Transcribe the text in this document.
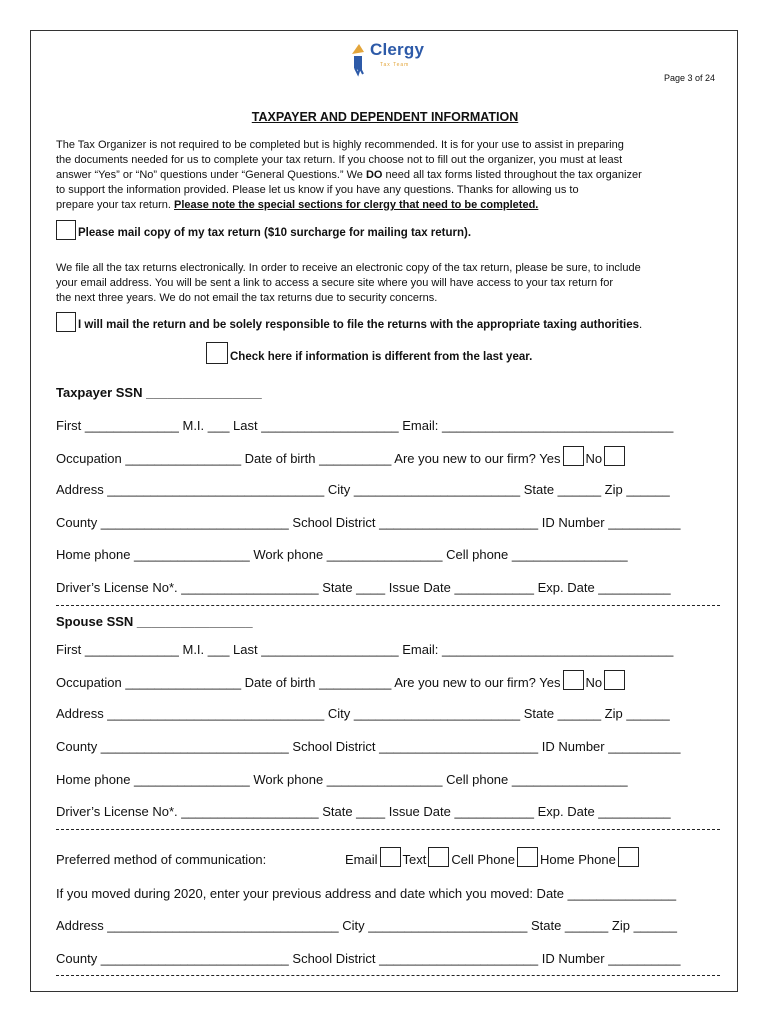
Clergy
Tax Team
Page 3 of 24
TAXPAYER AND DEPENDENT INFORMATION
The Tax Organizer is not required to be completed but is highly recommended. It is for your use to assist in preparing
the documents needed for us to complete your tax return. If you choose not to fill out the organizer, you must at least
answer “Yes” or “No” questions under “General Questions.” We DO need all tax forms listed throughout the tax organizer
to support the information provided. Please let us know if you have any questions. Thanks for allowing us to
prepare your tax return. Please note the special sections for clergy that need to be completed.
Please mail copy of my tax return ($10 surcharge for mailing tax return).
We file all the tax returns electronically. In order to receive an electronic copy of the tax return, please be sure, to include
your email address. You will be sent a link to access a secure site where you will have access to your tax return for
the next three years. We do not email the tax returns due to security concerns.
I will mail the return and be solely responsible to file the returns with the appropriate taxing authorities.
Check here if information is different from the last year.
Taxpayer SSN ________________
First _____________ M.I. ___ Last ___________________ Email: ________________________________
Occupation ________________ Date of birth __________ Are you new to our firm? Yes No
Address ______________________________ City _______________________ State ______ Zip ______
County __________________________ School District ______________________ ID Number __________
Home phone ________________ Work phone ________________ Cell phone ________________
Driver’s License No*. ___________________ State ____ Issue Date ___________ Exp. Date __________
Spouse SSN ________________
First _____________ M.I. ___ Last ___________________ Email: ________________________________
Occupation ________________ Date of birth __________ Are you new to our firm? Yes No
Address ______________________________ City _______________________ State ______ Zip ______
County __________________________ School District ______________________ ID Number __________
Home phone ________________ Work phone ________________ Cell phone ________________
Driver’s License No*. ___________________ State ____ Issue Date ___________ Exp. Date __________
Preferred method of communication:	Email Text Cell Phone Home Phone
If you moved during 2020, enter your previous address and date which you moved: Date _______________
Address ________________________________ City ______________________ State ______ Zip ______
County __________________________ School District ______________________ ID Number __________
